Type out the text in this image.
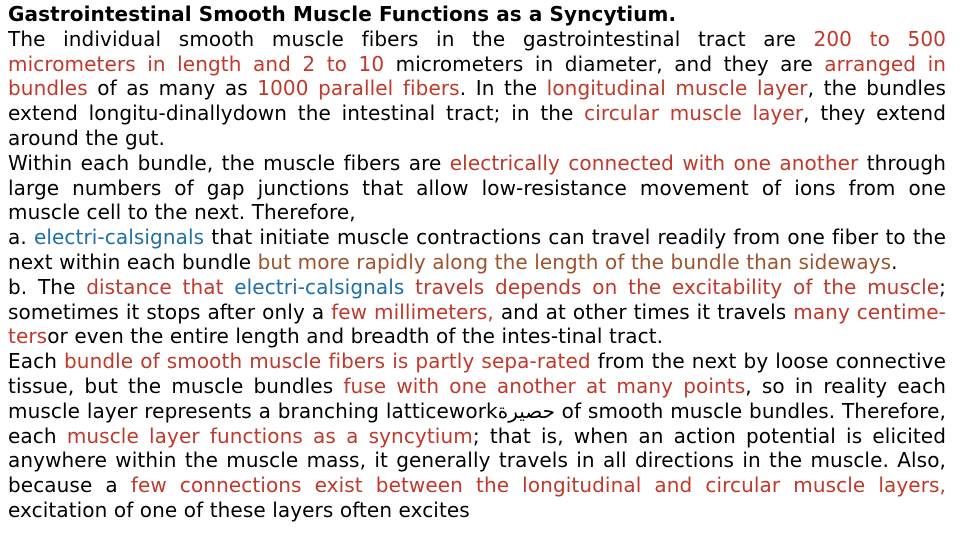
Gastrointestinal Smooth Muscle Functions as a Syncytium.

The individual smooth muscle fibers in the gastrointestinal tract are 200 to 500 micrometers in length and 2 to 10 micrometers in diameter, and they are arranged in bundles of as many as 1000 parallel fibers. In the longitudinal muscle layer, the bundles extend longitu-dinallydown the intestinal tract; in the circular muscle layer, they extend around the gut.

Within each bundle, the muscle fibers are electrically connected with one another through large numbers of gap junctions that allow low-resistance movement of ions from one muscle cell to the next. Therefore,

a. electri-calsignals that initiate muscle contractions can travel readily from one fiber to the next within each bundle but more rapidly along the length of the bundle than sideways.

b. The distance that electri-calsignals travels depends on the excitability of the muscle; sometimes it stops after only a few millimeters, and at other times it travels many centime-tersor even the entire length and breadth of the intes-tinal tract.

Each bundle of smooth muscle fibers is partly sepa-rated from the next by loose connective tissue, but the muscle bundles fuse with one another at many points, so in reality each muscle layer represents a branching latticeworkحصيرة of smooth muscle bundles. Therefore, each muscle layer functions as a syncytium; that is, when an action potential is elicited anywhere within the muscle mass, it generally travels in all directions in the muscle. Also, because a few connections exist between the longitudinal and circular muscle layers, excitation of one of these layers often excites
